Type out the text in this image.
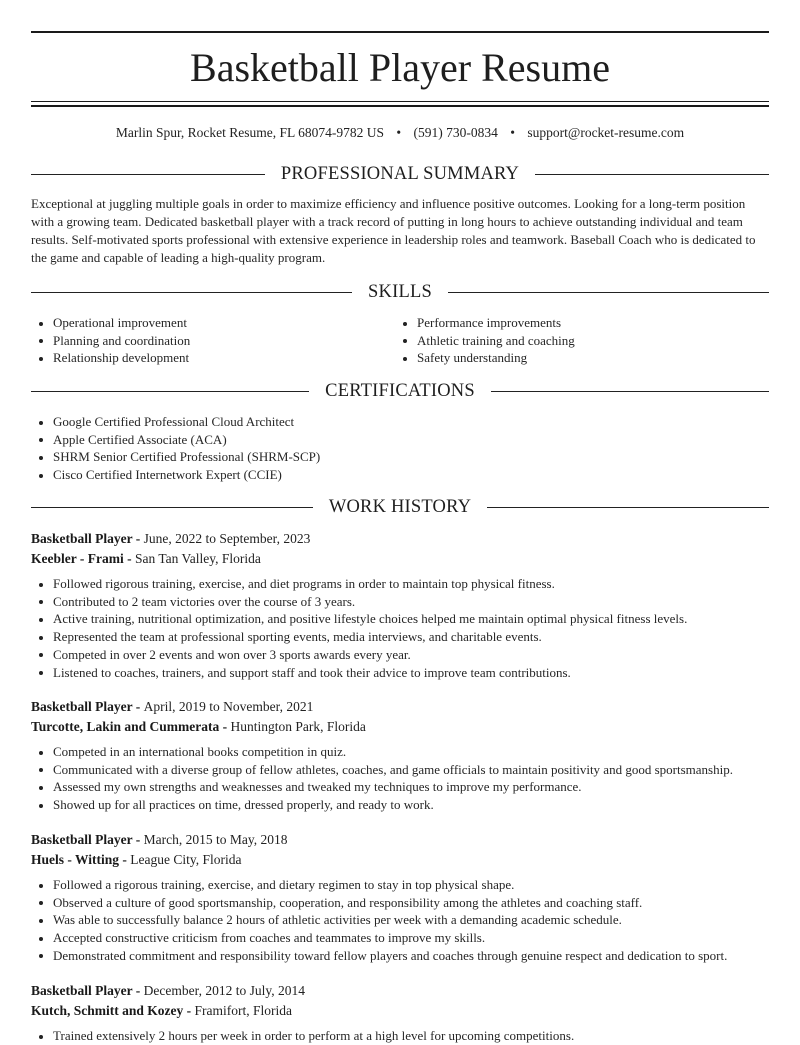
Basketball Player Resume
Marlin Spur, Rocket Resume, FL 68074-9782 US • (591) 730-0834 • support@rocket-resume.com
PROFESSIONAL SUMMARY

Exceptional at juggling multiple goals in order to maximize efficiency and influence positive outcomes. Looking for a long-term position with a growing team. Dedicated basketball player with a track record of putting in long hours to achieve outstanding individual and team results. Self-motivated sports professional with extensive experience in leadership roles and teamwork. Baseball Coach who is dedicated to the game and capable of leading a high-quality program.

SKILLS
Operational improvement
Planning and coordination
Relationship development
Performance improvements
Athletic training and coaching
Safety understanding
CERTIFICATIONS
Google Certified Professional Cloud Architect
Apple Certified Associate (ACA)
SHRM Senior Certified Professional (SHRM-SCP)
Cisco Certified Internetwork Expert (CCIE)
WORK HISTORY
Basketball Player - June, 2022 to September, 2023
Keebler - Frami - San Tan Valley, Florida
Followed rigorous training, exercise, and diet programs in order to maintain top physical fitness.
Contributed to 2 team victories over the course of 3 years.
Active training, nutritional optimization, and positive lifestyle choices helped me maintain optimal physical fitness levels.
Represented the team at professional sporting events, media interviews, and charitable events.
Competed in over 2 events and won over 3 sports awards every year.
Listened to coaches, trainers, and support staff and took their advice to improve team contributions.
Basketball Player - April, 2019 to November, 2021
Turcotte, Lakin and Cummerata - Huntington Park, Florida
Competed in an international books competition in quiz.
Communicated with a diverse group of fellow athletes, coaches, and game officials to maintain positivity and good sportsmanship.
Assessed my own strengths and weaknesses and tweaked my techniques to improve my performance.
Showed up for all practices on time, dressed properly, and ready to work.
Basketball Player - March, 2015 to May, 2018
Huels - Witting - League City, Florida
Followed a rigorous training, exercise, and dietary regimen to stay in top physical shape.
Observed a culture of good sportsmanship, cooperation, and responsibility among the athletes and coaching staff.
Was able to successfully balance 2 hours of athletic activities per week with a demanding academic schedule.
Accepted constructive criticism from coaches and teammates to improve my skills.
Demonstrated commitment and responsibility toward fellow players and coaches through genuine respect and dedication to sport.
Basketball Player - December, 2012 to July, 2014
Kutch, Schmitt and Kozey - Framifort, Florida
Trained extensively 2 hours per week in order to perform at a high level for upcoming competitions.
